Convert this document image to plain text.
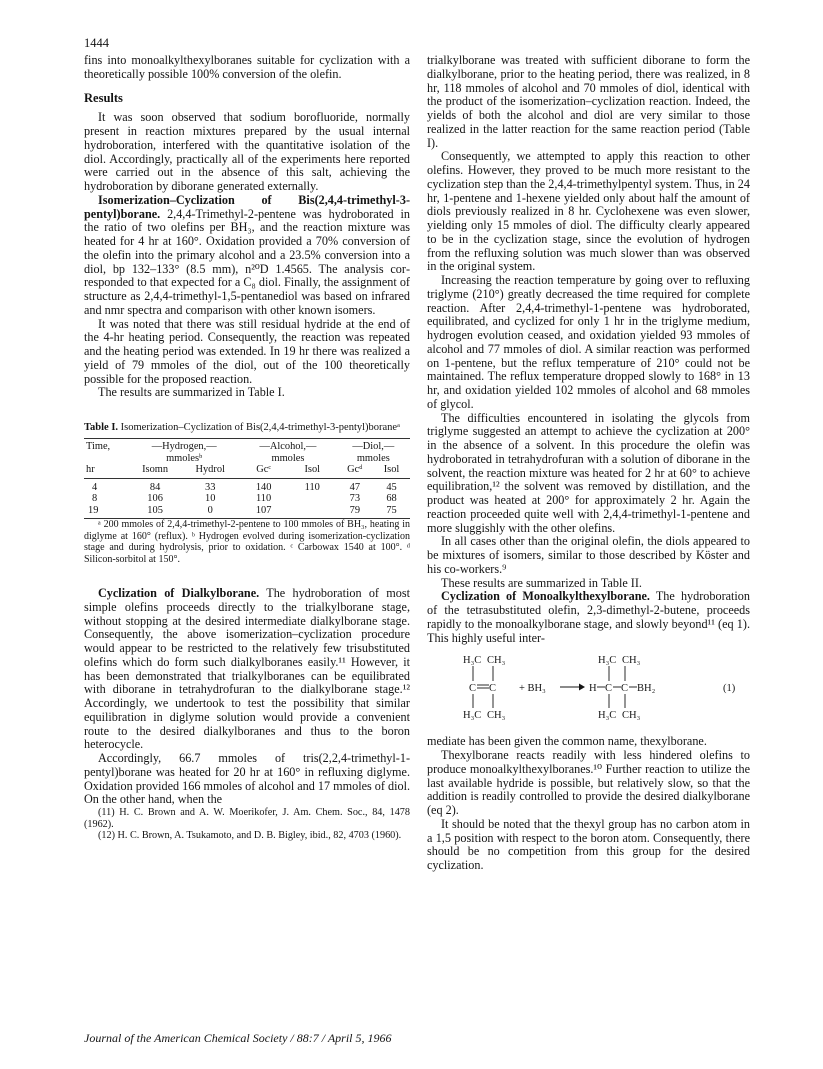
1444

fins into monoalkylthexylboranes suitable for cyclization with a theoretically possible 100% conversion of the olefin.

Results

It was soon observed that sodium borofluoride, normally present in reaction mixtures prepared by the usual internal hydroboration, interfered with the quantitative isolation of the diol. Accordingly, practically all of the experiments here reported were carried out in the absence of this salt, achieving the hydroboration by diborane generated externally.

Isomerization–Cyclization of Bis(2,4,4-trimethyl-3-pentyl)borane. 2,4,4-Trimethyl-2-pentene was hydroborated in the ratio of two olefins per BH₃, and the reaction mixture was heated for 4 hr at 160°. Oxidation provided a 70% conversion of the olefin into the primary alcohol and a 23.5% conversion into a diol, bp 132–133° (8.5 mm), n²⁰D 1.4565. The analysis corresponded to that expected for a C₈ diol. Finally, the assignment of structure as 2,4,4-trimethyl-1,5-pentanediol was based on infrared and nmr spectra and comparison with other known isomers.

It was noted that there was still residual hydride at the end of the 4-hr heating period. Consequently, the reaction was repeated and the heating period was extended. In 19 hr there was realized a yield of 79 mmoles of the diol, out of the 100 theoretically possible for the proposed reaction.

The results are summarized in Table I.

Table I. Isomerization–Cyclization of Bis(2,4,4-trimethyl-3-pentyl)boraneᵃ
Time,	—Hydrogen,—		—Alcohol,—		—Diol,—	
	mmolesᵇ		mmoles		mmoles	
hr	Isomn	Hydrol	Gcᶜ	Isol	Gcᵈ	Isol
4	84	33	140	110	47	45
8	106	10	110		73	68
19	105	0	107		79	75

ᵃ 200 mmoles of 2,4,4-trimethyl-2-pentene to 100 mmoles of BH₃, heating in diglyme at 160° (reflux). ᵇ Hydrogen evolved during isomerization-cyclization stage and during hydrolysis, prior to oxidation. ᶜ Carbowax 1540 at 100°. ᵈ Silicon-sorbitol at 150°.

Cyclization of Dialkylborane. The hydroboration of most simple olefins proceeds directly to the trialkylborane stage, without stopping at the desired intermediate dialkylborane stage. Consequently, the above isomerization–cyclization procedure would appear to be restricted to the relatively few trisubstituted olefins which do form such dialkylboranes easily.¹¹ However, it has been demonstrated that trialkylboranes can be equilibrated with diborane in tetrahydrofuran to the dialkylborane stage.¹² Accordingly, we undertook to test the possibility that similar equilibration in diglyme solution would provide a convenient route to the desired dialkylboranes and thus to the boron heterocycle.

Accordingly, 66.7 mmoles of tris(2,2,4-trimethyl-1-pentyl)borane was heated for 20 hr at 160° in refluxing diglyme. Oxidation provided 166 mmoles of alcohol and 17 mmoles of diol. On the other hand, when the

(11) H. C. Brown and A. W. Moerikofer, J. Am. Chem. Soc., 84, 1478 (1962).

(12) H. C. Brown, A. Tsukamoto, and D. B. Bigley, ibid., 82, 4703 (1960).

trialkylborane was treated with sufficient diborane to form the dialkylborane, prior to the heating period, there was realized, in 8 hr, 118 mmoles of alcohol and 70 mmoles of diol, identical with the product of the isomerization–cyclization reaction. Indeed, the yields of both the alcohol and diol are very similar to those realized in the latter reaction for the same reaction period (Table I).

Consequently, we attempted to apply this reaction to other olefins. However, they proved to be much more resistant to the cyclization step than the 2,4,4-trimethylpentyl system. Thus, in 24 hr, 1-pentene and 1-hexene yielded only about half the amount of diols previously realized in 8 hr. Cyclohexene was even slower, yielding only 15 mmoles of diol. The difficulty clearly appeared to be in the cyclization stage, since the evolution of hydrogen from the refluxing solution was much slower than was observed in the original system.

Increasing the reaction temperature by going over to refluxing triglyme (210°) greatly decreased the time required for complete reaction. After 2,4,4-trimethyl-1-pentene was hydroborated, equilibrated, and cyclized for only 1 hr in the triglyme medium, hydrogen evolution ceased, and oxidation yielded 93 mmoles of alcohol and 77 mmoles of diol. A similar reaction was performed on 1-pentene, but the reflux temperature of 210° could not be maintained. The reflux temperature dropped slowly to 168° in 13 hr, and oxidation yielded 102 mmoles of alcohol and 68 mmoles of glycol.

The difficulties encountered in isolating the glycols from triglyme suggested an attempt to achieve the cyclization at 200° in the absence of a solvent. In this procedure the olefin was hydroborated in tetrahydrofuran with a solution of diborane in the solvent, the reaction mixture was heated for 2 hr at 60° to achieve equilibration,¹² the solvent was removed by distillation, and the product was heated at 200° for approximately 2 hr. Again the reaction proceeded quite well with 2,4,4-trimethyl-1-pentene and more sluggishly with the other olefins.

In all cases other than the original olefin, the diols appeared to be mixtures of isomers, similar to those described by Köster and his co-workers.⁹

These results are summarized in Table II.

Cyclization of Monoalkylthexylborane. The hydroboration of the tetrasubstituted olefin, 2,3-dimethyl-2-butene, proceeds rapidly to the monoalkylborane stage, and slowly beyond¹¹ (eq 1). This highly useful inter-

H₃C CH₃
C C
H₃C CH₃
+ BH₃	H C C BH₂
H₃C CH₃
H₃C CH₃
(1)

mediate has been given the common name, thexylborane.

Thexylborane reacts readily with less hindered olefins to produce monoalkylthexylboranes.¹⁰ Further reaction to utilize the last available hydride is possible, but relatively slow, so that the addition is readily controlled to provide the desired dialkylborane (eq 2).

It should be noted that the thexyl group has no carbon atom in a 1,5 position with respect to the boron atom. Consequently, there should be no competition from this group for the desired cyclization.

Journal of the American Chemical Society / 88:7 / April 5, 1966
